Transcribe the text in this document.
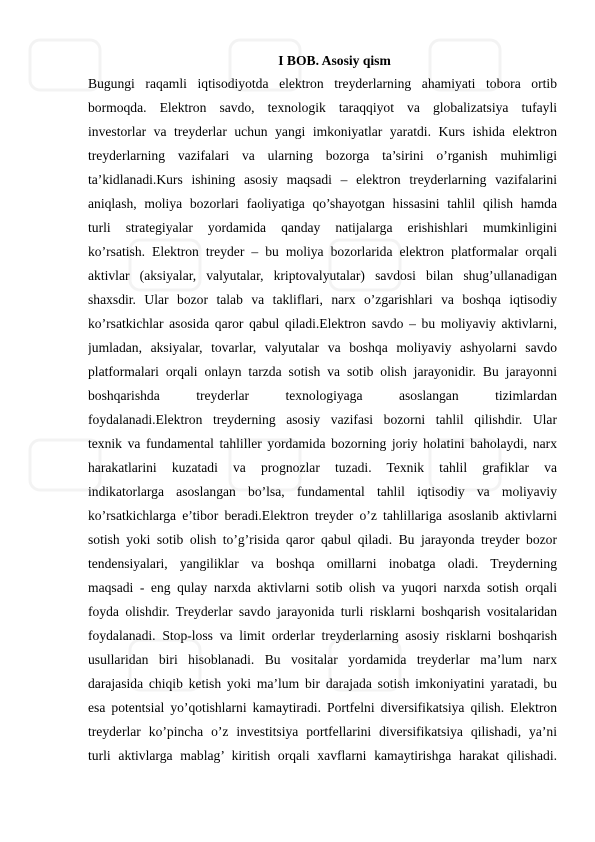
I BOB. Asosiy qism
Bugungi raqamli iqtisodiyotda elektron treyderlarning ahamiyati tobora ortib
bormoqda. Elektron savdo, texnologik taraqqiyot va globalizatsiya tufayli
investorlar va treyderlar uchun yangi imkoniyatlar yaratdi. Kurs ishida elektron
treyderlarning vazifalari va ularning bozorga ta’sirini o’rganish muhimligi
ta’kidlanadi.Kurs ishining asosiy maqsadi – elektron treyderlarning vazifalarini
aniqlash, moliya bozorlari faoliyatiga qo’shayotgan hissasini tahlil qilish hamda
turli strategiyalar yordamida qanday natijalarga erishishlari mumkinligini
ko’rsatish. Elektron treyder – bu moliya bozorlarida elektron platformalar orqali
aktivlar (aksiyalar, valyutalar, kriptovalyutalar) savdosi bilan shug’ullanadigan
shaxsdir. Ular bozor talab va takliflari, narx o’zgarishlari va boshqa iqtisodiy
ko’rsatkichlar asosida qaror qabul qiladi.Elektron savdo – bu moliyaviy aktivlarni,
jumladan, aksiyalar, tovarlar, valyutalar va boshqa moliyaviy ashyolarni savdo
platformalari orqali onlayn tarzda sotish va sotib olish jarayonidir. Bu jarayonni
boshqarishda treyderlar texnologiyaga asoslangan tizimlardan
foydalanadi.Elektron treyderning asosiy vazifasi bozorni tahlil qilishdir. Ular
texnik va fundamental tahliller yordamida bozorning joriy holatini baholaydi, narx
harakatlarini kuzatadi va prognozlar tuzadi. Texnik tahlil grafiklar va
indikatorlarga asoslangan bo’lsa, fundamental tahlil iqtisodiy va moliyaviy
ko’rsatkichlarga e’tibor beradi.Elektron treyder o’z tahlillariga asoslanib aktivlarni
sotish yoki sotib olish to’g’risida qaror qabul qiladi. Bu jarayonda treyder bozor
tendensiyalari, yangiliklar va boshqa omillarni inobatga oladi. Treyderning
maqsadi - eng qulay narxda aktivlarni sotib olish va yuqori narxda sotish orqali
foyda olishdir. Treyderlar savdo jarayonida turli risklarni boshqarish vositalaridan
foydalanadi. Stop-loss va limit orderlar treyderlarning asosiy risklarni boshqarish
usullaridan biri hisoblanadi. Bu vositalar yordamida treyderlar ma’lum narx
darajasida chiqib ketish yoki ma’lum bir darajada sotish imkoniyatini yaratadi, bu
esa potentsial yo’qotishlarni kamaytiradi. Portfelni diversifikatsiya qilish. Elektron
treyderlar ko’pincha o’z investitsiya portfellarini diversifikatsiya qilishadi, ya’ni
turli aktivlarga mablag’ kiritish orqali xavflarni kamaytirishga harakat qilishadi.
